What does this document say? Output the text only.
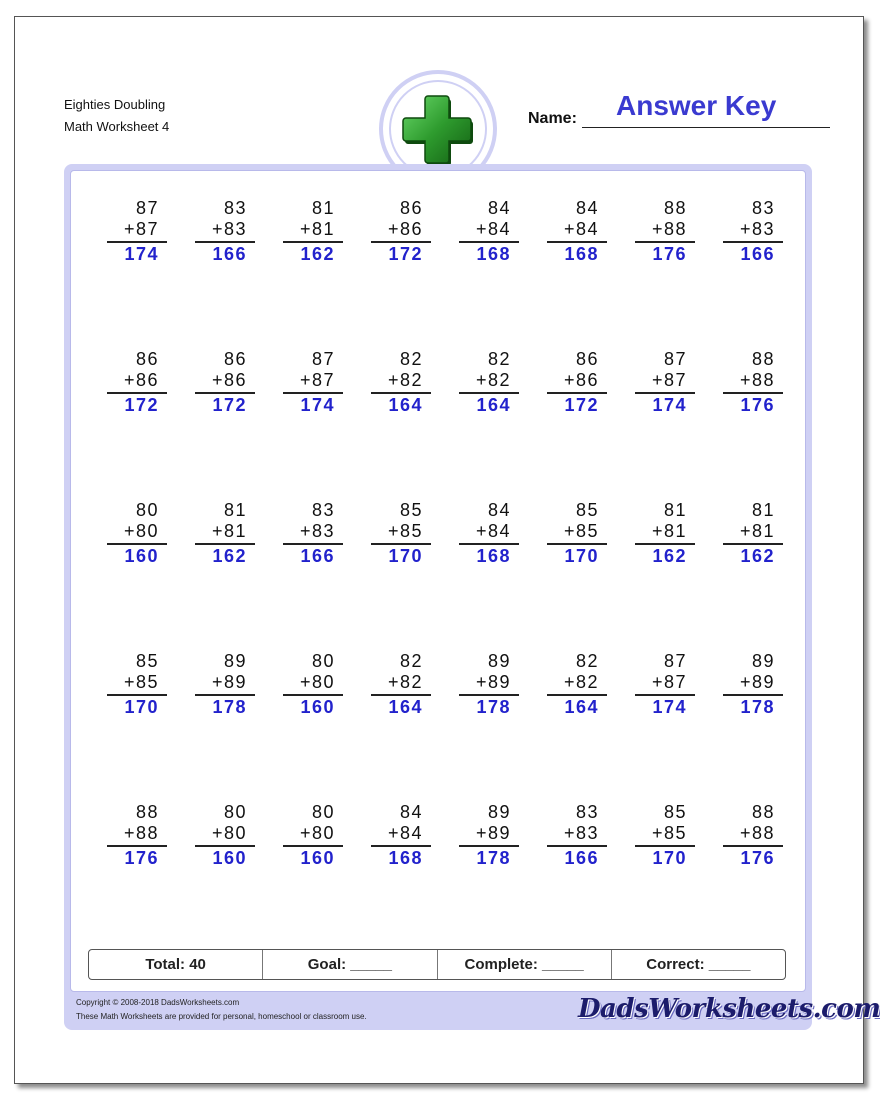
Eighties Doubling
Math Worksheet 4	Name: Answer Key
87
+87
174
83
+83
166
81
+81
162
86
+86
172
84
+84
168
84
+84
168
88
+88
176
83
+83
166
86
+86
172
86
+86
172
87
+87
174
82
+82
164
82
+82
164
86
+86
172
87
+87
174
88
+88
176
80
+80
160
81
+81
162
83
+83
166
85
+85
170
84
+84
168
85
+85
170
81
+81
162
81
+81
162
85
+85
170
89
+89
178
80
+80
160
82
+82
164
89
+89
178
82
+82
164
87
+87
174
89
+89
178
88
+88
176
80
+80
160
80
+80
160
84
+84
168
89
+89
178
83
+83
166
85
+85
170
88
+88
176
Total: 40	Goal: _____	Complete: _____	Correct: _____
Copyright © 2008-2018 DadsWorksheets.com
These Math Worksheets are provided for personal, homeschool or classroom use.	DadsWorksheets.com
